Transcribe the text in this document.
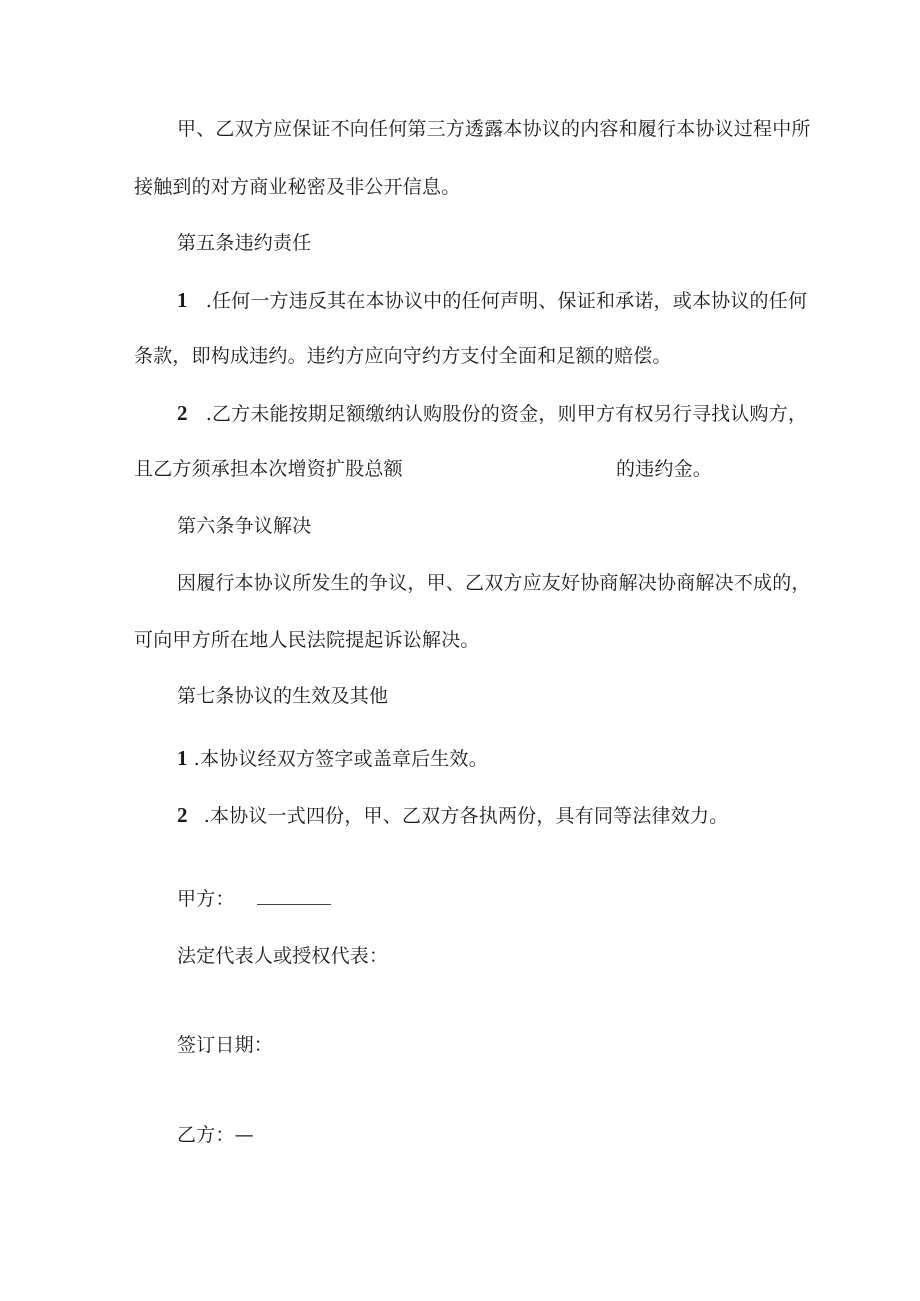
甲、乙双方应保证不向任何第三方透露本协议的内容和履行本协议过程中所
接触到的对方商业秘密及非公开信息。
第五条违约责任
1 .任何一方违反其在本协议中的任何声明、保证和承诺，或本协议的任何
条款，即构成违约。违约方应向守约方支付全面和足额的赔偿。
2 .乙方未能按期足额缴纳认购股份的资金，则甲方有权另行寻找认购方，
且乙方须承担本次增资扩股总额	的违约金。
第六条争议解决
因履行本协议所发生的争议，甲、乙双方应友好协商解决协商解决不成的，
可向甲方所在地人民法院提起诉讼解决。
第七条协议的生效及其他
1 .本协议经双方签字或盖章后生效。
2 .本协议一式四份，甲、乙双方各执两份，具有同等法律效力。
甲方：
法定代表人或授权代表：
签订日期：
乙方：—
